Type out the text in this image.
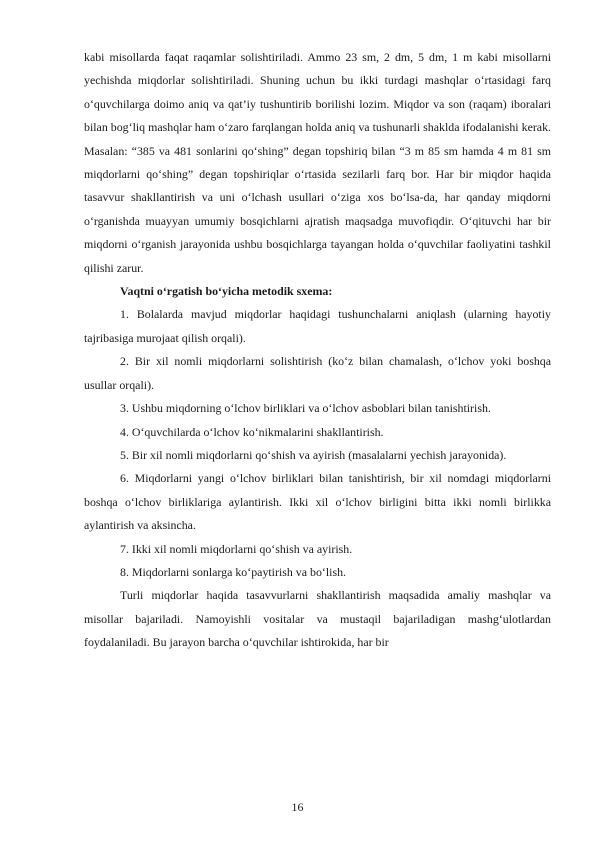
kabi misollarda faqat raqamlar solishtiriladi. Ammo 23 sm, 2 dm, 5 dm, 1 m kabi misollarni yechishda miqdorlar solishtiriladi. Shuning uchun bu ikki turdagi mashqlar o‘rtasidagi farq o‘quvchilarga doimo aniq va qat’iy tushuntirib borilishi lozim. Miqdor va son (raqam) iboralari bilan bog‘liq mashqlar ham o‘zaro farqlangan holda aniq va tushunarli shaklda ifodalanishi kerak. Masalan: “385 va 481 sonlarini qo‘shing” degan topshiriq bilan “3 m 85 sm hamda 4 m 81 sm miqdorlarni qo‘shing” degan topshiriqlar o‘rtasida sezilarli farq bor. Har bir miqdor haqida tasavvur shakllantirish va uni o‘lchash usullari o‘ziga xos bo‘lsa-da, har qanday miqdorni o‘rganishda muayyan umumiy bosqichlarni ajratish maqsadga muvofiqdir. O‘qituvchi har bir miqdorni o‘rganish jarayonida ushbu bosqichlarga tayangan holda o‘quvchilar faoliyatini tashkil qilishi zarur.

Vaqtni o‘rgatish bo‘yicha metodik sxema:

1. Bolalarda mavjud miqdorlar haqidagi tushunchalarni aniqlash (ularning hayotiy tajribasiga murojaat qilish orqali).

2. Bir xil nomli miqdorlarni solishtirish (ko‘z bilan chamalash, o‘lchov yoki boshqa usullar orqali).

3. Ushbu miqdorning o‘lchov birliklari va o‘lchov asboblari bilan tanishtirish.

4. O‘quvchilarda o‘lchov ko‘nikmalarini shakllantirish.

5. Bir xil nomli miqdorlarni qo‘shish va ayirish (masalalarni yechish jarayonida).

6. Miqdorlarni yangi o‘lchov birliklari bilan tanishtirish, bir xil nomdagi miqdorlarni boshqa o‘lchov birliklariga aylantirish. Ikki xil o‘lchov birligini bitta ikki nomli birlikka aylantirish va aksincha.

7. Ikki xil nomli miqdorlarni qo‘shish va ayirish.

8. Miqdorlarni sonlarga ko‘paytirish va bo‘lish.

Turli miqdorlar haqida tasavvurlarni shakllantirish maqsadida amaliy mashqlar va misollar bajariladi. Namoyishli vositalar va mustaqil bajariladigan mashg‘ulotlardan foydalaniladi. Bu jarayon barcha o‘quvchilar ishtirokida, har bir

16
